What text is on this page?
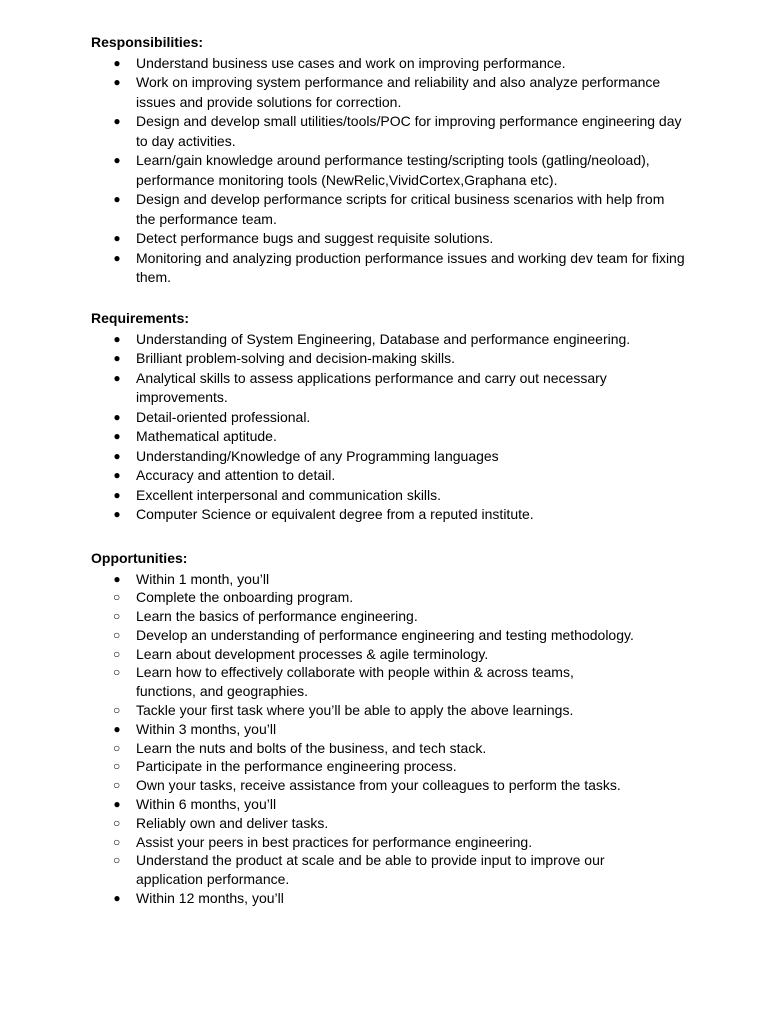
Responsibilities:
● Understand business use cases and work on improving performance.
● Work on improving system performance and reliability and also analyze performance issues and provide solutions for correction.
● Design and develop small utilities/tools/POC for improving performance engineering day to day activities.
● Learn/gain knowledge around performance testing/scripting tools (gatling/neoload), performance monitoring tools (NewRelic,VividCortex,Graphana etc).
● Design and develop performance scripts for critical business scenarios with help from the performance team.
● Detect performance bugs and suggest requisite solutions.
● Monitoring and analyzing production performance issues and working dev team for fixing them.
Requirements:
● Understanding of System Engineering, Database and performance engineering.
● Brilliant problem-solving and decision-making skills.
● Analytical skills to assess applications performance and carry out necessary improvements.
● Detail-oriented professional.
● Mathematical aptitude.
● Understanding/Knowledge of any Programming languages
● Accuracy and attention to detail.
● Excellent interpersonal and communication skills.
● Computer Science or equivalent degree from a reputed institute.
Opportunities:
● Within 1 month, you’ll
○ Complete the onboarding program.
○ Learn the basics of performance engineering.
○ Develop an understanding of performance engineering and testing methodology.
○ Learn about development processes & agile terminology.
○ Learn how to effectively collaborate with people within & across teams, functions, and geographies.
○ Tackle your first task where you’ll be able to apply the above learnings.
● Within 3 months, you’ll
○ Learn the nuts and bolts of the business, and tech stack.
○ Participate in the performance engineering process.
○ Own your tasks, receive assistance from your colleagues to perform the tasks.
● Within 6 months, you’ll
○ Reliably own and deliver tasks.
○ Assist your peers in best practices for performance engineering.
○ Understand the product at scale and be able to provide input to improve our application performance.
● Within 12 months, you’ll
